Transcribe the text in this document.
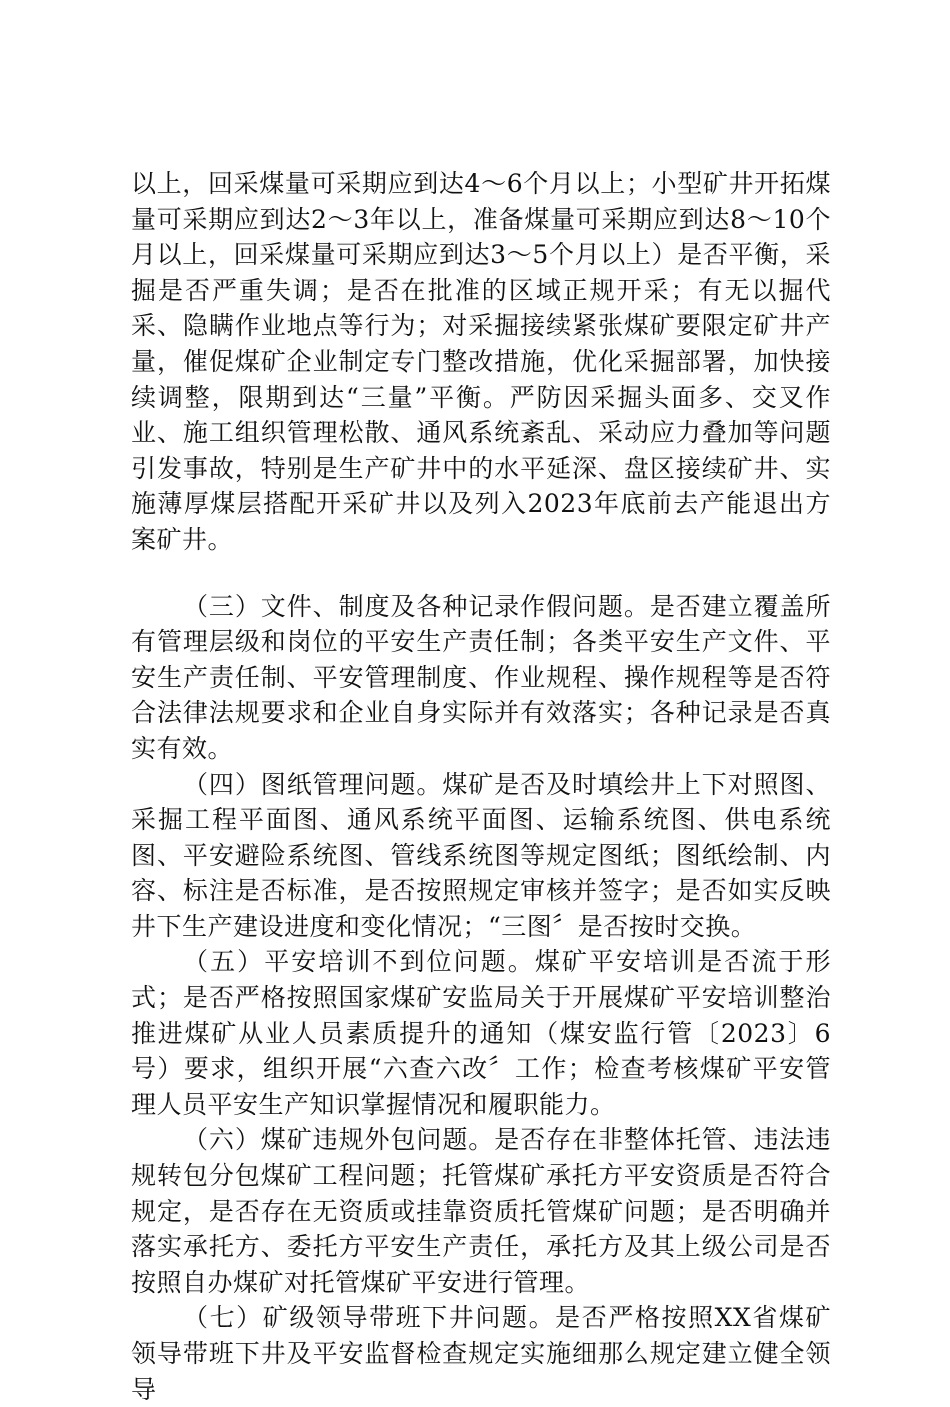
以上，回采煤量可采期应到达4～6个月以上；小型矿井开拓煤量可采期应到达2～3年以上，准备煤量可采期应到达8～10个月以上，回采煤量可采期应到达3～5个月以上）是否平衡，采掘是否严重失调；是否在批准的区域正规开采；有无以掘代采、隐瞒作业地点等行为；对采掘接续紧张煤矿要限定矿井产量，催促煤矿企业制定专门整改措施，优化采掘部署，加快接续调整，限期到达“三量”平衡。严防因采掘头面多、交叉作业、施工组织管理松散、通风系统紊乱、采动应力叠加等问题引发事故，特别是生产矿井中的水平延深、盘区接续矿井、实施薄厚煤层搭配开采矿井以及列入2023年底前去产能退出方案矿井。

（三）文件、制度及各种记录作假问题。是否建立覆盖所有管理层级和岗位的平安生产责任制；各类平安生产文件、平安生产责任制、平安管理制度、作业规程、操作规程等是否符合法律法规要求和企业自身实际并有效落实；各种记录是否真实有效。

（四）图纸管理问题。煤矿是否及时填绘井上下对照图、采掘工程平面图、通风系统平面图、运输系统图、供电系统图、平安避险系统图、管线系统图等规定图纸；图纸绘制、内容、标注是否标准，是否按照规定审核并签字；是否如实反映井下生产建设进度和变化情况；“三图〞是否按时交换。

（五）平安培训不到位问题。煤矿平安培训是否流于形式；是否严格按照国家煤矿安监局关于开展煤矿平安培训整治推进煤矿从业人员素质提升的通知（煤安监行管〔2023〕6号）要求，组织开展“六查六改〞工作；检查考核煤矿平安管理人员平安生产知识掌握情况和履职能力。

（六）煤矿违规外包问题。是否存在非整体托管、违法违规转包分包煤矿工程问题；托管煤矿承托方平安资质是否符合规定，是否存在无资质或挂靠资质托管煤矿问题；是否明确并落实承托方、委托方平安生产责任，承托方及其上级公司是否按照自办煤矿对托管煤矿平安进行管理。

（七）矿级领导带班下井问题。是否严格按照XX省煤矿领导带班下井及平安监督检查规定实施细那么规定建立健全领导
